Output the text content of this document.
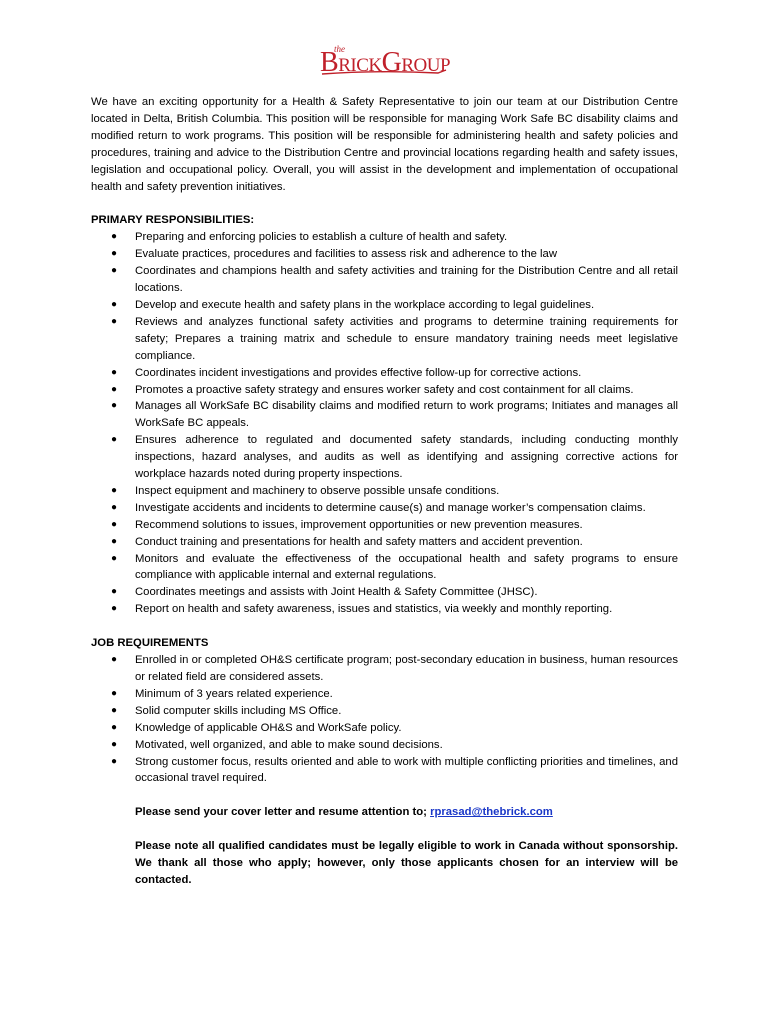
the
BRICKGROUP

We have an exciting opportunity for a Health & Safety Representative to join our team at our Distribution Centre located in Delta, British Columbia. This position will be responsible for managing Work Safe BC disability claims and modified return to work programs. This position will be responsible for administering health and safety policies and procedures, training and advice to the Distribution Centre and provincial locations regarding health and safety issues, legislation and occupational policy. Overall, you will assist in the development and implementation of occupational health and safety prevention initiatives.

PRIMARY RESPONSIBILITIES:

● Preparing and enforcing policies to establish a culture of health and safety.
● Evaluate practices, procedures and facilities to assess risk and adherence to the law
● Coordinates and champions health and safety activities and training for the Distribution Centre and all retail locations.
● Develop and execute health and safety plans in the workplace according to legal guidelines.
● Reviews and analyzes functional safety activities and programs to determine training requirements for safety; Prepares a training matrix and schedule to ensure mandatory training needs meet legislative compliance.
● Coordinates incident investigations and provides effective follow-up for corrective actions.
● Promotes a proactive safety strategy and ensures worker safety and cost containment for all claims.
● Manages all WorkSafe BC disability claims and modified return to work programs; Initiates and manages all WorkSafe BC appeals.
● Ensures adherence to regulated and documented safety standards, including conducting monthly inspections, hazard analyses, and audits as well as identifying and assigning corrective actions for workplace hazards noted during property inspections.
● Inspect equipment and machinery to observe possible unsafe conditions.
● Investigate accidents and incidents to determine cause(s) and manage worker’s compensation claims.
● Recommend solutions to issues, improvement opportunities or new prevention measures.
● Conduct training and presentations for health and safety matters and accident prevention.
● Monitors and evaluate the effectiveness of the occupational health and safety programs to ensure compliance with applicable internal and external regulations.
● Coordinates meetings and assists with Joint Health & Safety Committee (JHSC).
● Report on health and safety awareness, issues and statistics, via weekly and monthly reporting.

JOB REQUIREMENTS

● Enrolled in or completed OH&S certificate program; post-secondary education in business, human resources or related field are considered assets.
● Minimum of 3 years related experience.
● Solid computer skills including MS Office.
● Knowledge of applicable OH&S and WorkSafe policy.
● Motivated, well organized, and able to make sound decisions.
● Strong customer focus, results oriented and able to work with multiple conflicting priorities and timelines, and occasional travel required.

Please send your cover letter and resume attention to; rprasad@thebrick.com

Please note all qualified candidates must be legally eligible to work in Canada without sponsorship. We thank all those who apply; however, only those applicants chosen for an interview will be contacted.
